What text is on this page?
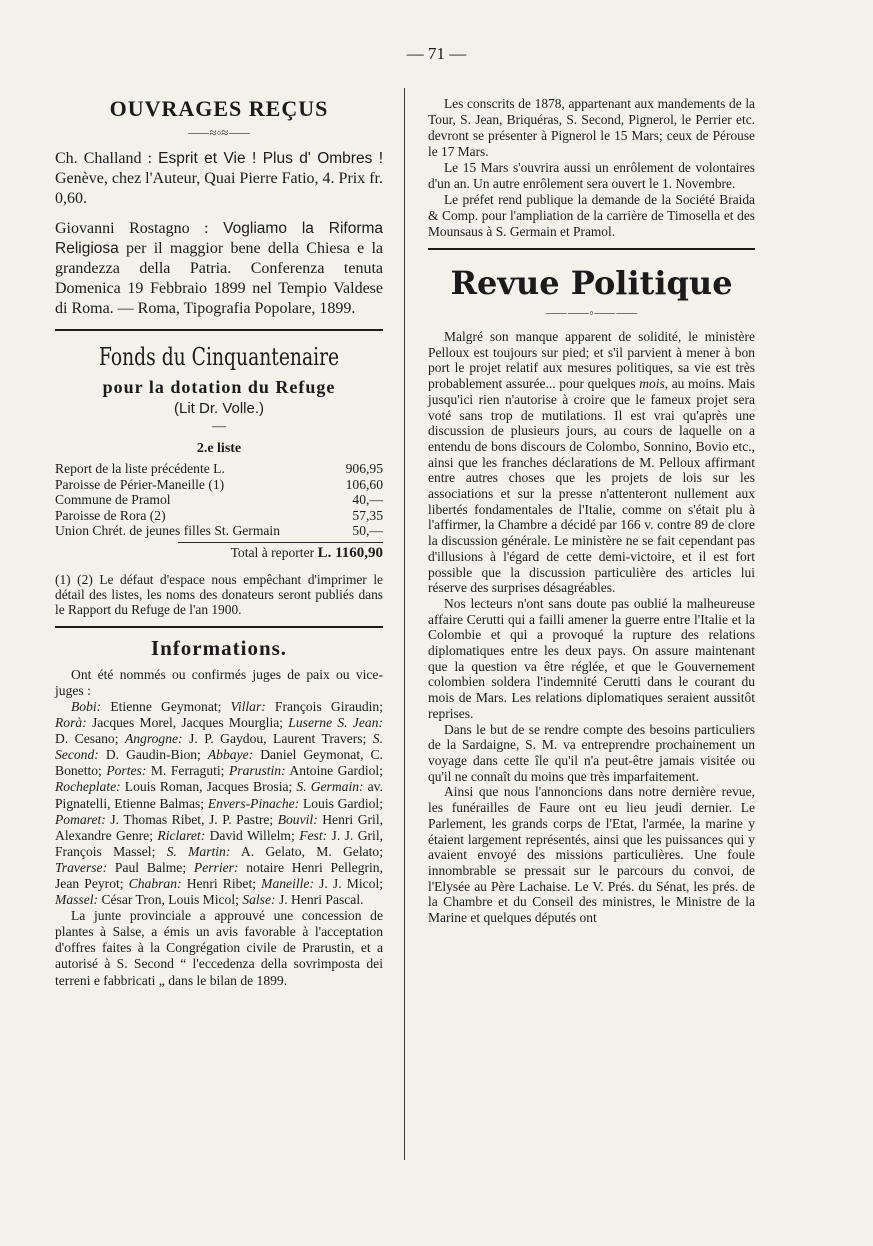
— 71 —
OUVRAGES REÇUS
⸺≈◦≈⸺

Ch. Challand : Esprit et Vie ! Plus d' Ombres ! Genève, chez l'Auteur, Quai Pierre Fatio, 4. Prix fr. 0,60.

Giovanni Rostagno : Vogliamo la Riforma Religiosa per il maggior bene della Chiesa e la grandezza della Patria. Conferenza tenuta Domenica 19 Febbraio 1899 nel Tempio Valdese di Roma. — Roma, Tipografia Popolare, 1899.

Fonds du Cinquantenaire
pour la dotation du Refuge
(Lit Dr. Volle.)
—
2.e liste
Report de la liste précédente L.	906,95
Paroisse de Périer-Maneille (1)	106,60
Commune de Pramol	40,—
Paroisse de Rora (2)	57,35
Union Chrét. de jeunes filles St. Germain	50,—
Total à reporter L. 1160,90
(1) (2) Le défaut d'espace nous empêchant d'imprimer le détail des listes, les noms des donateurs seront publiés dans le Rapport du Refuge de l'an 1900.
Informations.

Ont été nommés ou confirmés juges de paix ou vice-juges :

Bobi: Etienne Geymonat; Villar: François Giraudin; Rorà: Jacques Morel, Jacques Mourglia; Luserne S. Jean: D. Cesano; Angrogne: J. P. Gaydou, Laurent Travers; S. Second: D. Gaudin-Bion; Abbaye: Daniel Geymonat, C. Bonetto; Portes: M. Ferraguti; Prarustin: Antoine Gardiol; Rocheplate: Louis Roman, Jacques Brosia; S. Germain: av. Pignatelli, Etienne Balmas; Envers-Pinache: Louis Gardiol; Pomaret: J. Thomas Ribet, J. P. Pastre; Bouvil: Henri Gril, Alexandre Genre; Riclaret: David Willelm; Fest: J. J. Gril, François Massel; S. Martin: A. Gelato, M. Gelato; Traverse: Paul Balme; Perrier: notaire Henri Pellegrin, Jean Peyrot; Chabran: Henri Ribet; Maneille: J. J. Micol; Massel: César Tron, Louis Micol; Salse: J. Henri Pascal.

La junte provinciale a approuvé une concession de plantes à Salse, a émis un avis favorable à l'acceptation d'offres faites à la Congrégation civile de Prarustin, et a autorisé à S. Second “ l'eccedenza della sovrimposta dei terreni e fabbricati „ dans le bilan de 1899.

Les conscrits de 1878, appartenant aux mandements de la Tour, S. Jean, Briquéras, S. Second, Pignerol, le Perrier etc. devront se présenter à Pignerol le 15 Mars; ceux de Pérouse le 17 Mars.

Le 15 Mars s'ouvrira aussi un enrôlement de volontaires d'un an. Un autre enrôlement sera ouvert le 1. Novembre.

Le préfet rend publique la demande de la Société Braida & Comp. pour l'ampliation de la carrière de Timosella et des Mounsaus à S. Germain et Pramol.

Revue Politique
⸺⸺◦⸺⸺

Malgré son manque apparent de solidité, le ministère Pelloux est toujours sur pied; et s'il parvient à mener à bon port le projet relatif aux mesures politiques, sa vie est très probablement assurée... pour quelques mois, au moins. Mais jusqu'ici rien n'autorise à croire que le fameux projet sera voté sans trop de mutilations. Il est vrai qu'après une discussion de plusieurs jours, au cours de laquelle on a entendu de bons discours de Colombo, Sonnino, Bovio etc., ainsi que les franches déclarations de M. Pelloux affirmant entre autres choses que les projets de lois sur les associations et sur la presse n'attenteront nullement aux libertés fondamentales de l'Italie, comme on s'était plu à l'affirmer, la Chambre a décidé par 166 v. contre 89 de clore la discussion générale. Le ministère ne se fait cependant pas d'illusions à l'égard de cette demi-victoire, et il est fort possible que la discussion particulière des articles lui réserve des surprises désagréables.

Nos lecteurs n'ont sans doute pas oublié la malheureuse affaire Cerutti qui a failli amener la guerre entre l'Italie et la Colombie et qui a provoqué la rupture des relations diplomatiques entre les deux pays. On assure maintenant que la question va être réglée, et que le Gouvernement colombien soldera l'indemnité Cerutti dans le courant du mois de Mars. Les relations diplomatiques seraient aussitôt reprises.

Dans le but de se rendre compte des besoins particuliers de la Sardaigne, S. M. va entreprendre prochainement un voyage dans cette île qu'il n'a peut-être jamais visitée ou qu'il ne connaît du moins que très imparfaitement.

Ainsi que nous l'annoncions dans notre dernière revue, les funérailles de Faure ont eu lieu jeudi dernier. Le Parlement, les grands corps de l'Etat, l'armée, la marine y étaient largement représentés, ainsi que les puissances qui y avaient envoyé des missions particulières. Une foule innombrable se pressait sur le parcours du convoi, de l'Elysée au Père Lachaise. Le V. Prés. du Sénat, les prés. de la Chambre et du Conseil des ministres, le Ministre de la Marine et quelques députés ont
